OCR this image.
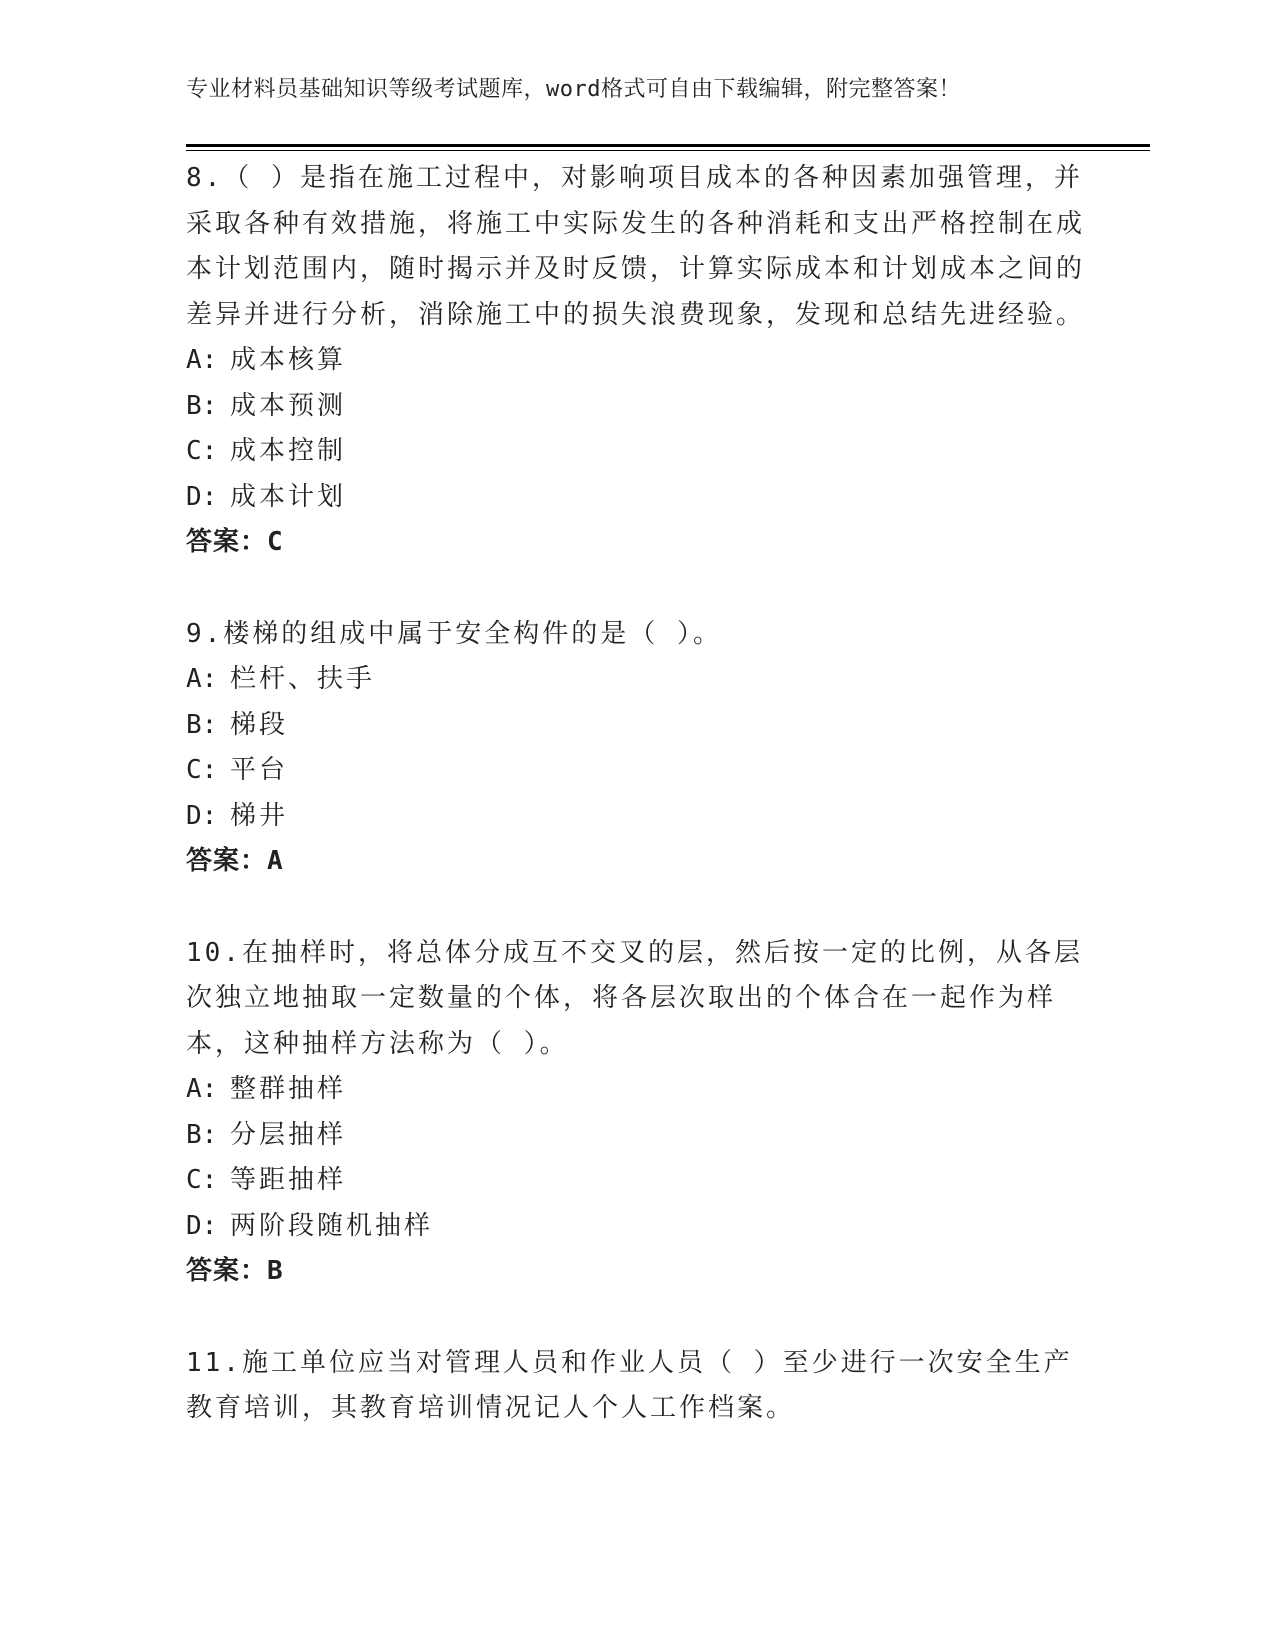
专业材料员基础知识等级考试题库，word格式可自由下载编辑，附完整答案！

8.（ ）是指在施工过程中，对影响项目成本的各种因素加强管理，并采取各种有效措施，将施工中实际发生的各种消耗和支出严格控制在成本计划范围内，随时揭示并及时反馈，计算实际成本和计划成本之间的差异并进行分析，消除施工中的损失浪费现象，发现和总结先进经验。

A: 成本核算
B: 成本预测
C: 成本控制
D: 成本计划
答案：C

9.楼梯的组成中属于安全构件的是（ ）。

A: 栏杆、扶手
B: 梯段
C: 平台
D: 梯井
答案：A

10.在抽样时，将总体分成互不交叉的层，然后按一定的比例，从各层次独立地抽取一定数量的个体，将各层次取出的个体合在一起作为样本，这种抽样方法称为（ ）。

A: 整群抽样
B: 分层抽样
C: 等距抽样
D: 两阶段随机抽样
答案：B

11.施工单位应当对管理人员和作业人员（ ）至少进行一次安全生产教育培训，其教育培训情况记人个人工作档案。
